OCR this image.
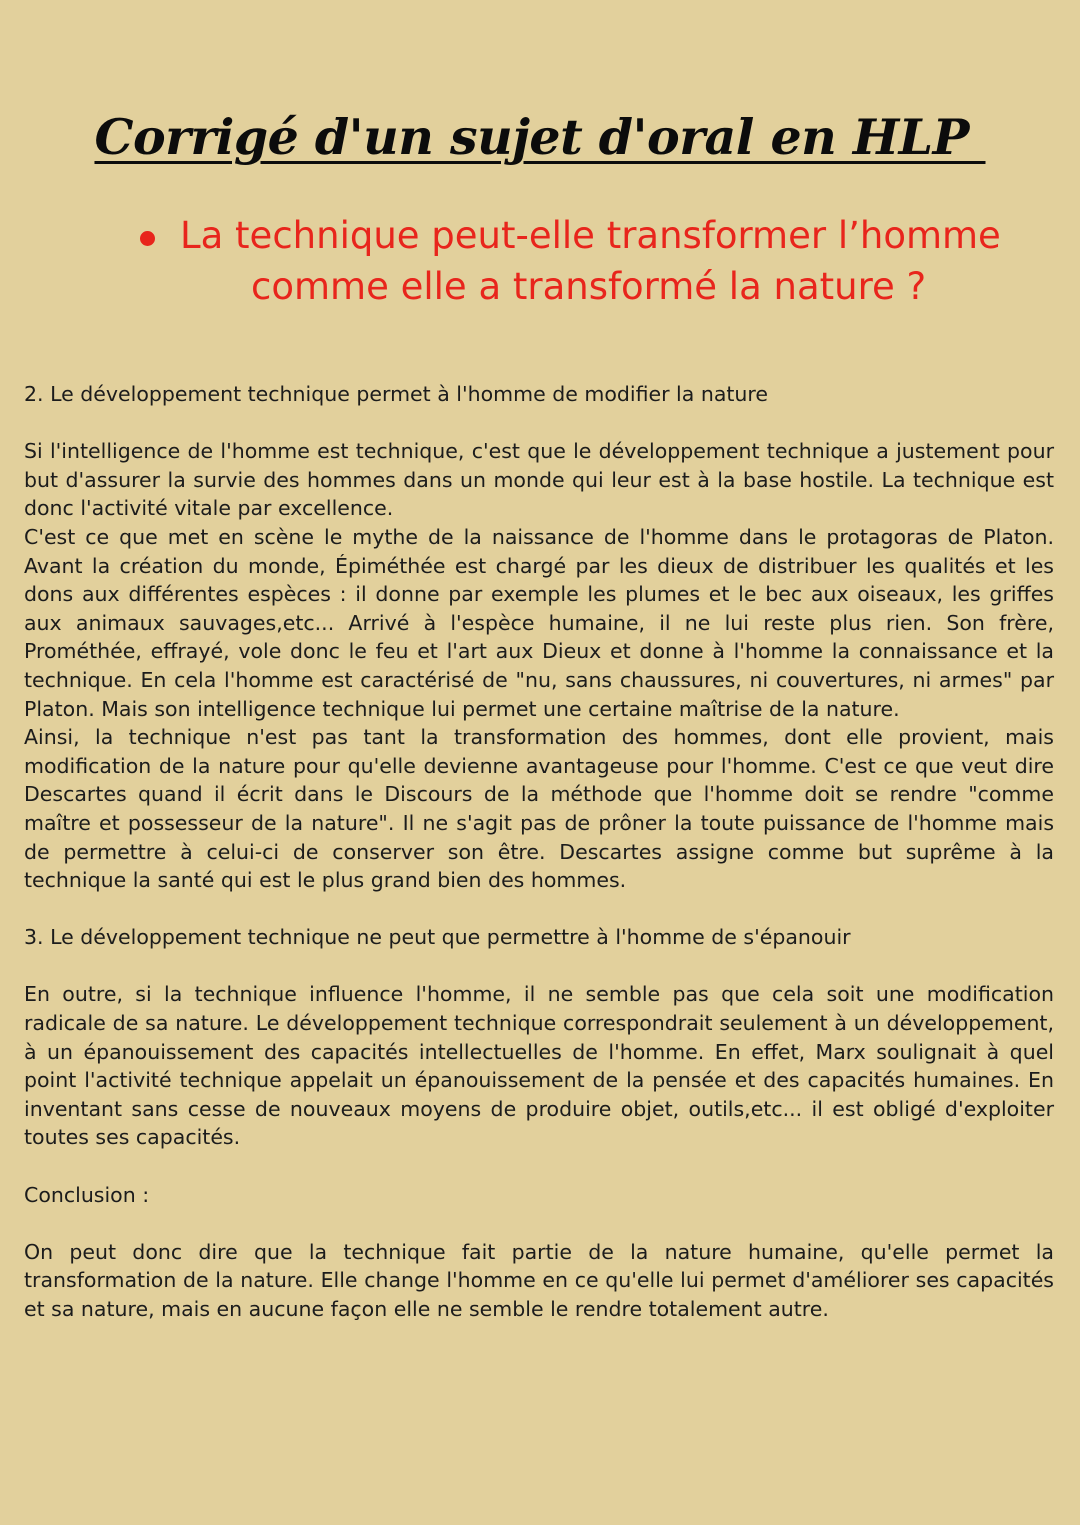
Corrigé d'un sujet d'oral en HLP
La technique peut-elle transformer l’homme
comme elle a transformé la nature ?

2. Le développement technique permet à l'homme de modifier la nature

Si l'intelligence de l'homme est technique, c'est que le développement technique a justement pour but d'assurer la survie des hommes dans un monde qui leur est à la base hostile. La technique est donc l'activité vitale par excellence.

C'est ce que met en scène le mythe de la naissance de l'homme dans le protagoras de Platon. Avant la création du monde, Épiméthée est chargé par les dieux de distribuer les qualités et les dons aux différentes espèces : il donne par exemple les plumes et le bec aux oiseaux, les griffes aux animaux sauvages,etc... Arrivé à l'espèce humaine, il ne lui reste plus rien. Son frère, Prométhée, effrayé, vole donc le feu et l'art aux Dieux et donne à l'homme la connaissance et la technique. En cela l'homme est caractérisé de "nu, sans chaussures, ni couvertures, ni armes" par Platon. Mais son intelligence technique lui permet une certaine maîtrise de la nature.

Ainsi, la technique n'est pas tant la transformation des hommes, dont elle provient, mais modification de la nature pour qu'elle devienne avantageuse pour l'homme. C'est ce que veut dire Descartes quand il écrit dans le Discours de la méthode que l'homme doit se rendre "comme maître et possesseur de la nature". Il ne s'agit pas de prôner la toute puissance de l'homme mais de permettre à celui-ci de conserver son être. Descartes assigne comme but suprême à la technique la santé qui est le plus grand bien des hommes.

3. Le développement technique ne peut que permettre à l'homme de s'épanouir

En outre, si la technique influence l'homme, il ne semble pas que cela soit une modification radicale de sa nature. Le développement technique correspondrait seulement à un développement, à un épanouissement des capacités intellectuelles de l'homme. En effet, Marx soulignait à quel point l'activité technique appelait un épanouissement de la pensée et des capacités humaines. En inventant sans cesse de nouveaux moyens de produire objet, outils,etc... il est obligé d'exploiter toutes ses capacités.

Conclusion :

On peut donc dire que la technique fait partie de la nature humaine, qu'elle permet la transformation de la nature. Elle change l'homme en ce qu'elle lui permet d'améliorer ses capacités et sa nature, mais en aucune façon elle ne semble le rendre totalement autre.
